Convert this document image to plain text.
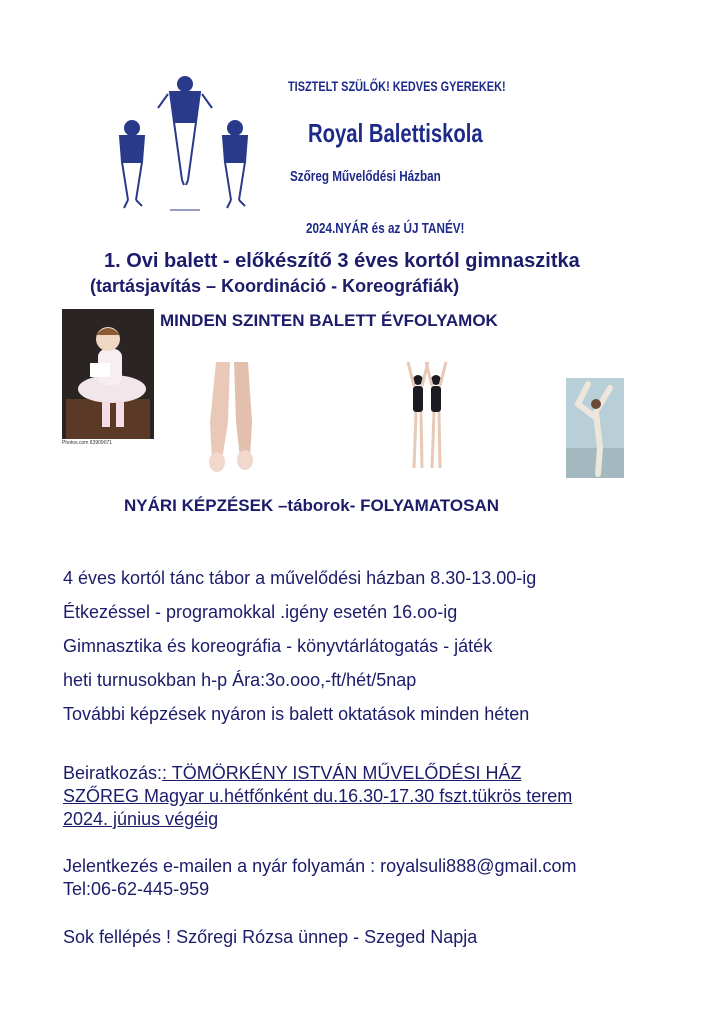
TISZTELT SZÜLŐK! KEDVES GYEREKEK!
Royal Balettiskola
Szőreg Művelődési Házban
2024.NYÁR és az ÚJ TANÉV!
1. Ovi balett - előkészítő 3 éves kortól gimnaszitka
(tartásjavítás – Koordináció - Koreográfiák)
Photos.com 83909071
MINDEN SZINTEN BALETT ÉVFOLYAMOK
NYÁRI KÉPZÉSEK –táborok- FOLYAMATOSAN
4 éves kortól tánc tábor a művelődési házban 8.30-13.00-ig
Étkezéssel - programokkal .igény esetén 16.oo-ig
Gimnasztika és koreográfia - könyvtárlátogatás - játék
heti turnusokban h-p Ára:3o.ooo,-ft/hét/5nap
További képzések nyáron is balett oktatások minden héten
Beiratkozás:: TÖMÖRKÉNY ISTVÁN MŰVELŐDÉSI HÁZ
SZŐREG Magyar u.hétfőnként du.16.30-17.30 fszt.tükrös terem
2024. június végéig
Jelentkezés e-mailen a nyár folyamán : royalsuli888@gmail.com
Tel:06-62-445-959
Sok fellépés ! Szőregi Rózsa ünnep - Szeged Napja
